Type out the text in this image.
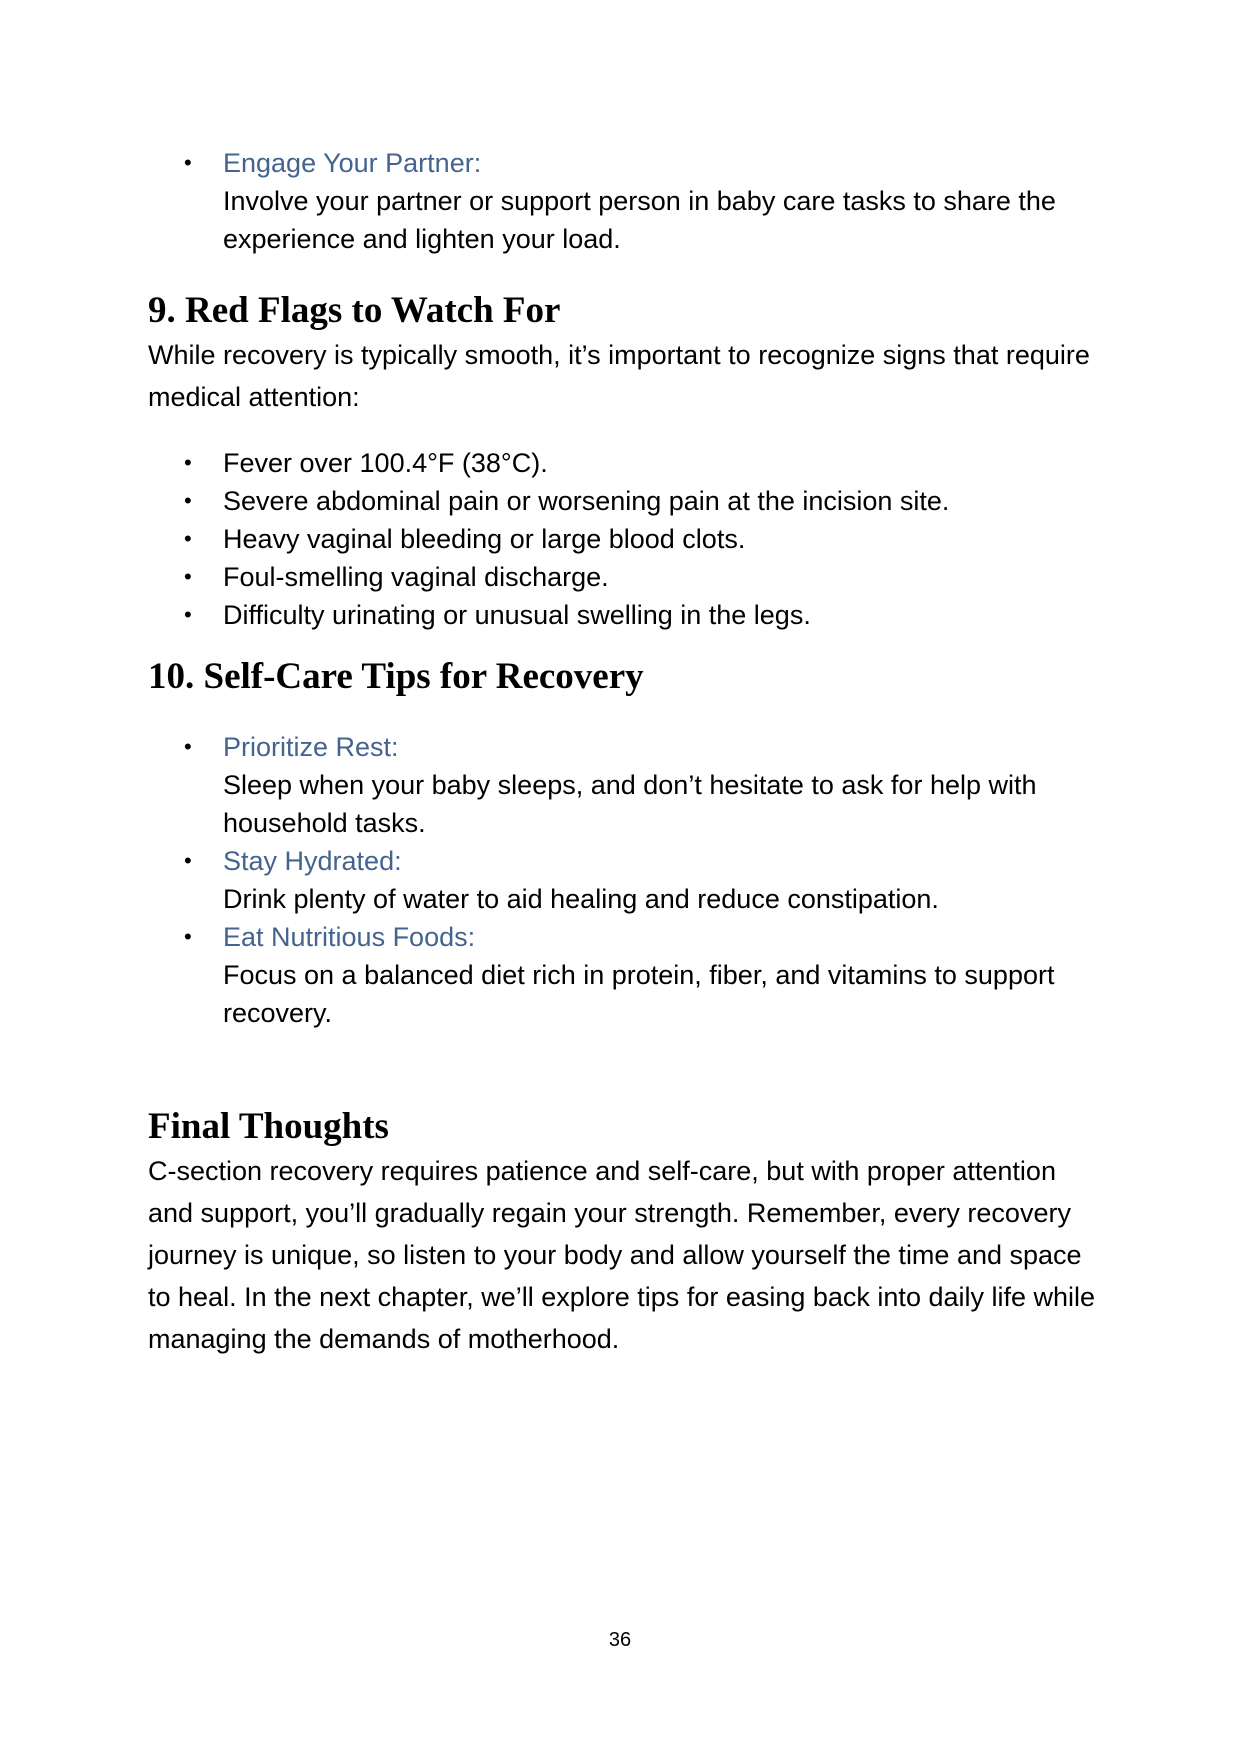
• Engage Your Partner:
Involve your partner or support person in baby care tasks to share the experience and lighten your load.
9. Red Flags to Watch For

While recovery is typically smooth, it’s important to recognize signs that require medical attention:

• Fever over 100.4°F (38°C).
• Severe abdominal pain or worsening pain at the incision site.
• Heavy vaginal bleeding or large blood clots.
• Foul-smelling vaginal discharge.
• Difficulty urinating or unusual swelling in the legs.
10. Self-Care Tips for Recovery
• Prioritize Rest:
Sleep when your baby sleeps, and don’t hesitate to ask for help with household tasks.
• Stay Hydrated:
Drink plenty of water to aid healing and reduce constipation.
• Eat Nutritious Foods:
Focus on a balanced diet rich in protein, fiber, and vitamins to support recovery.
Final Thoughts

C-section recovery requires patience and self-care, but with proper attention and support, you’ll gradually regain your strength. Remember, every recovery journey is unique, so listen to your body and allow yourself the time and space to heal. In the next chapter, we’ll explore tips for easing back into daily life while managing the demands of motherhood.

36
